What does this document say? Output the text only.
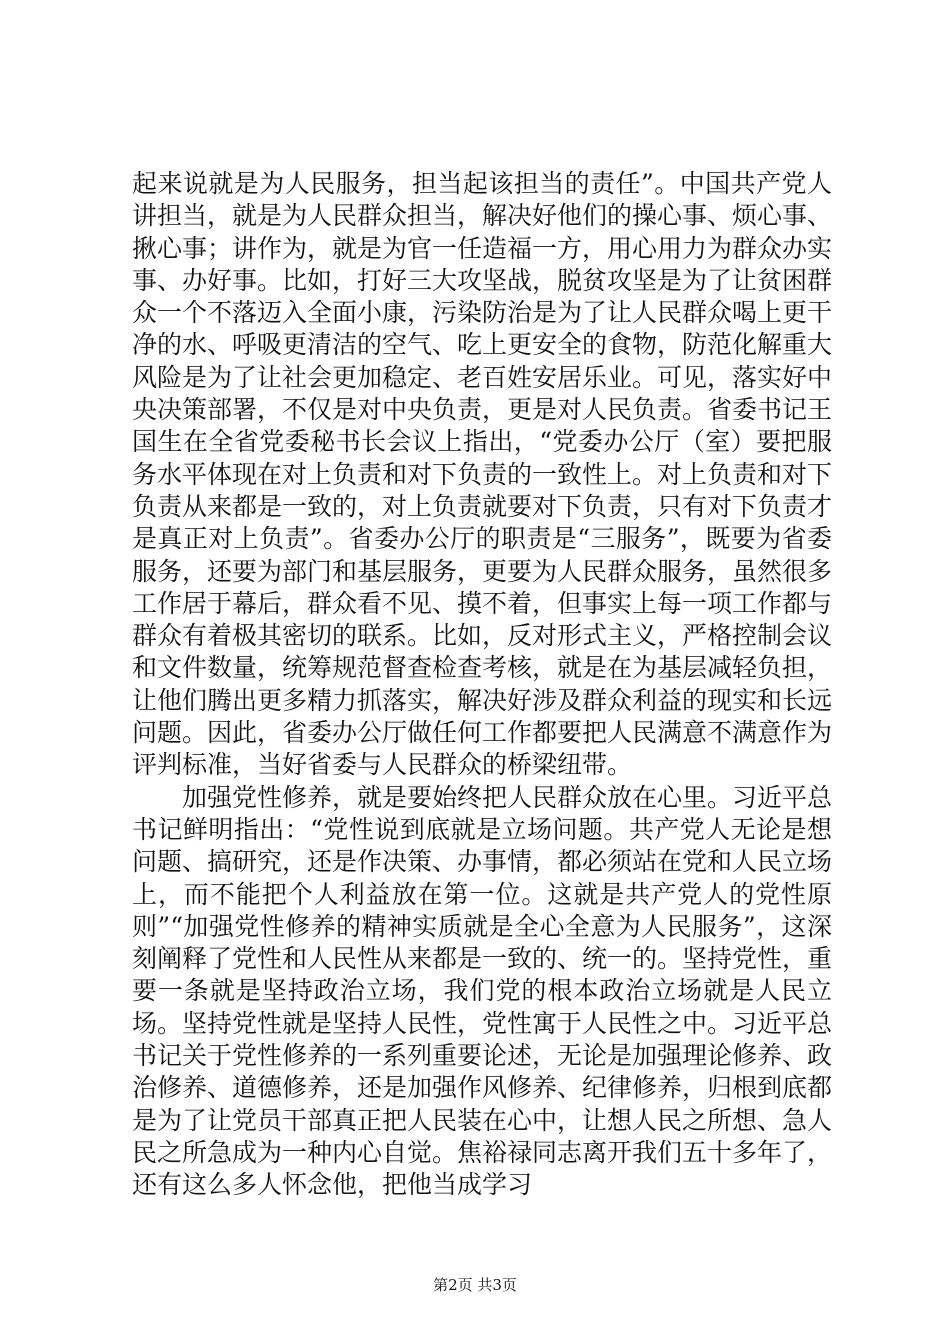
起来说就是为人民服务，担当起该担当的责任”。中国共产党人讲担当，就是为人民群众担当，解决好他们的操心事、烦心事、揪心事；讲作为，就是为官一任造福一方，用心用力为群众办实事、办好事。比如，打好三大攻坚战，脱贫攻坚是为了让贫困群众一个不落迈入全面小康，污染防治是为了让人民群众喝上更干净的水、呼吸更清洁的空气、吃上更安全的食物，防范化解重大风险是为了让社会更加稳定、老百姓安居乐业。可见，落实好中央决策部署，不仅是对中央负责，更是对人民负责。省委书记王国生在全省党委秘书长会议上指出，“党委办公厅（室）要把服务水平体现在对上负责和对下负责的一致性上。对上负责和对下负责从来都是一致的，对上负责就要对下负责，只有对下负责才是真正对上负责”。省委办公厅的职责是“三服务”，既要为省委服务，还要为部门和基层服务，更要为人民群众服务，虽然很多工作居于幕后，群众看不见、摸不着，但事实上每一项工作都与群众有着极其密切的联系。比如，反对形式主义，严格控制会议和文件数量，统筹规范督查检查考核，就是在为基层减轻负担，让他们腾出更多精力抓落实，解决好涉及群众利益的现实和长远问题。因此，省委办公厅做任何工作都要把人民满意不满意作为评判标准，当好省委与人民群众的桥梁纽带。

加强党性修养，就是要始终把人民群众放在心里。习近平总书记鲜明指出：“党性说到底就是立场问题。共产党人无论是想问题、搞研究，还是作决策、办事情，都必须站在党和人民立场上，而不能把个人利益放在第一位。这就是共产党人的党性原则”“加强党性修养的精神实质就是全心全意为人民服务”，这深刻阐释了党性和人民性从来都是一致的、统一的。坚持党性，重要一条就是坚持政治立场，我们党的根本政治立场就是人民立场。坚持党性就是坚持人民性，党性寓于人民性之中。习近平总书记关于党性修养的一系列重要论述，无论是加强理论修养、政治修养、道德修养，还是加强作风修养、纪律修养，归根到底都是为了让党员干部真正把人民装在心中，让想人民之所想、急人民之所急成为一种内心自觉。焦裕禄同志离开我们五十多年了，还有这么多人怀念他，把他当成学习

第2页 共3页
